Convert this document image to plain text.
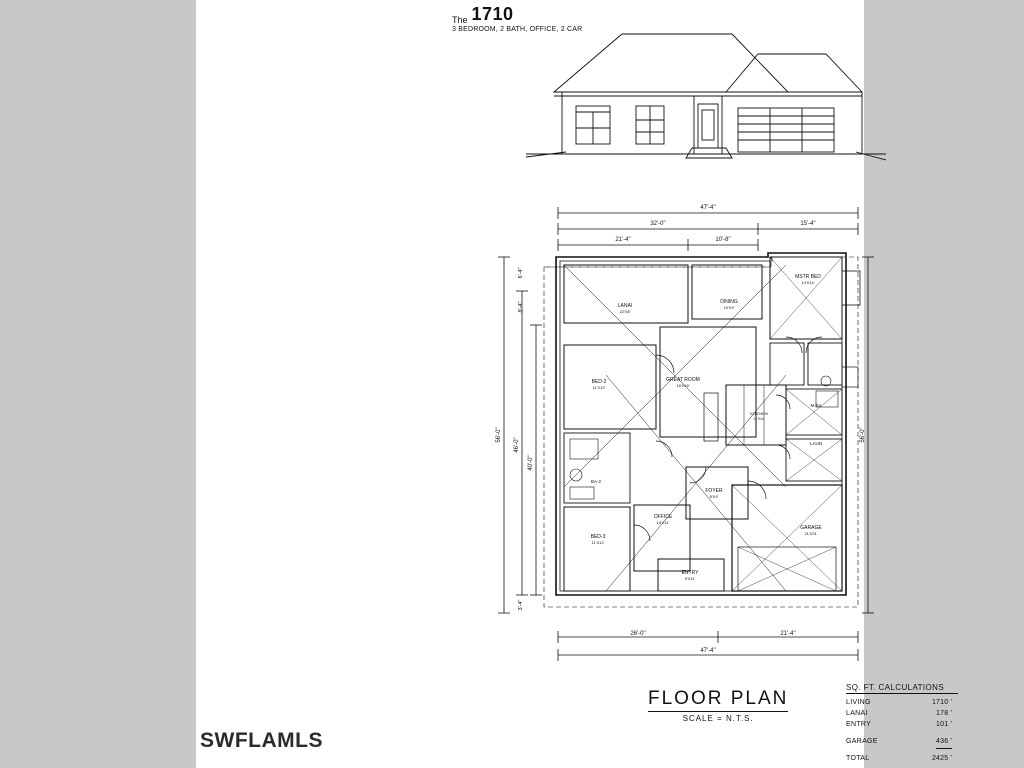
The 1710
3 BEDROOM, 2 BATH, OFFICE, 2 CAR
47'-4"
32'-0"	15'-4"
21'-4"	10'-8"
56'-0"
46'-0"
40'-0"
6'-4"
8'-4"
3'-4"
56'-0"
26'-0"	21'-4"
47'-4"
LANAI
22'X8'
DINING
10'X9'
MSTR BED
14'X14'
BED-2
11'X12'
GREAT ROOM
18'X16'
KITCHEN
11'X12'
M.BA
BA-2
LAUN
FOYER
8'X9'
OFFICE
10'X11'
BED-3
11'X12'
ENTRY
9'X11'
GARAGE
21'X21'
FLOOR PLAN
SCALE = N.T.S.
SQ. FT. CALCULATIONS
LIVING	1710 '
LANAI	178 '
ENTRY	101 '
GARAGE	436 '
TOTAL	2425 '
SWFLAMLS
